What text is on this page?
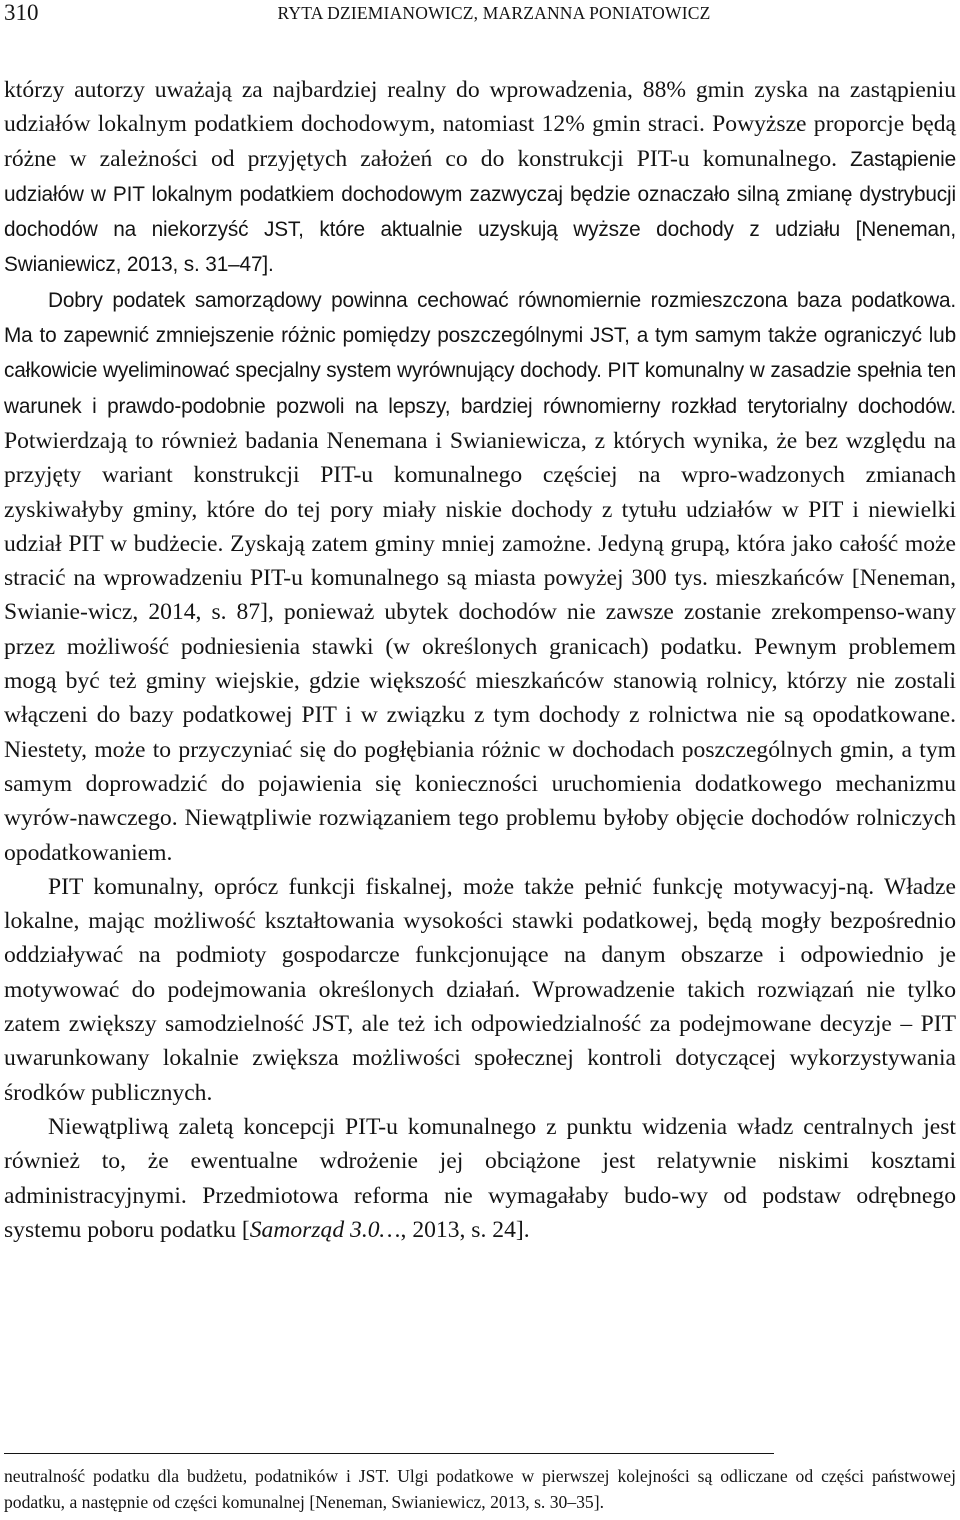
310	RYTA DZIEMIANOWICZ, MARZANNA PONIATOWICZ

którzy autorzy uważają za najbardziej realny do wprowadzenia, 88% gmin zyska na zastąpieniu udziałów lokalnym podatkiem dochodowym, natomiast 12% gmin straci. Powyższe proporcje będą różne w zależności od przyjętych założeń co do konstrukcji PIT-u komunalnego. Zastąpienie udziałów w PIT lokalnym podatkiem dochodowym zazwyczaj będzie oznaczało silną zmianę dystrybucji dochodów na niekorzyść JST, które aktualnie uzyskują wyższe dochody z udziału [Neneman, Swianiewicz, 2013, s. 31–47].

Dobry podatek samorządowy powinna cechować równomiernie rozmieszczona baza podatkowa. Ma to zapewnić zmniejszenie różnic pomiędzy poszczególnymi JST, a tym samym także ograniczyć lub całkowicie wyeliminować specjalny system wyrównujący dochody. PIT komunalny w zasadzie spełnia ten warunek i prawdo-podobnie pozwoli na lepszy, bardziej równomierny rozkład terytorialny dochodów. Potwierdzają to również badania Nenemana i Swianiewicza, z których wynika, że bez względu na przyjęty wariant konstrukcji PIT-u komunalnego częściej na wpro-wadzonych zmianach zyskiwałyby gminy, które do tej pory miały niskie dochody z tytułu udziałów w PIT i niewielki udział PIT w budżecie. Zyskają zatem gminy mniej zamożne. Jedyną grupą, która jako całość może stracić na wprowadzeniu PIT-u komunalnego są miasta powyżej 300 tys. mieszkańców [Neneman, Swianie-wicz, 2014, s. 87], ponieważ ubytek dochodów nie zawsze zostanie zrekompenso-wany przez możliwość podniesienia stawki (w określonych granicach) podatku. Pewnym problemem mogą być też gminy wiejskie, gdzie większość mieszkańców stanowią rolnicy, którzy nie zostali włączeni do bazy podatkowej PIT i w związku z tym dochody z rolnictwa nie są opodatkowane. Niestety, może to przyczyniać się do pogłębiania różnic w dochodach poszczególnych gmin, a tym samym doprowadzić do pojawienia się konieczności uruchomienia dodatkowego mechanizmu wyrów-nawczego. Niewątpliwie rozwiązaniem tego problemu byłoby objęcie dochodów rolniczych opodatkowaniem.

PIT komunalny, oprócz funkcji fiskalnej, może także pełnić funkcję motywacyj-ną. Władze lokalne, mając możliwość kształtowania wysokości stawki podatkowej, będą mogły bezpośrednio oddziaływać na podmioty gospodarcze funkcjonujące na danym obszarze i odpowiednio je motywować do podejmowania określonych działań. Wprowadzenie takich rozwiązań nie tylko zatem zwiększy samodzielność JST, ale też ich odpowiedzialność za podejmowane decyzje – PIT uwarunkowany lokalnie zwiększa możliwości społecznej kontroli dotyczącej wykorzystywania środków publicznych.

Niewątpliwą zaletą koncepcji PIT-u komunalnego z punktu widzenia władz centralnych jest również to, że ewentualne wdrożenie jej obciążone jest relatywnie niskimi kosztami administracyjnymi. Przedmiotowa reforma nie wymagałaby budo-wy od podstaw odrębnego systemu poboru podatku [Samorząd 3.0…, 2013, s. 24].

neutralność podatku dla budżetu, podatników i JST. Ulgi podatkowe w pierwszej kolejności są odliczane od części państwowej podatku, a następnie od części komunalnej [Neneman, Swianiewicz, 2013, s. 30–35].
